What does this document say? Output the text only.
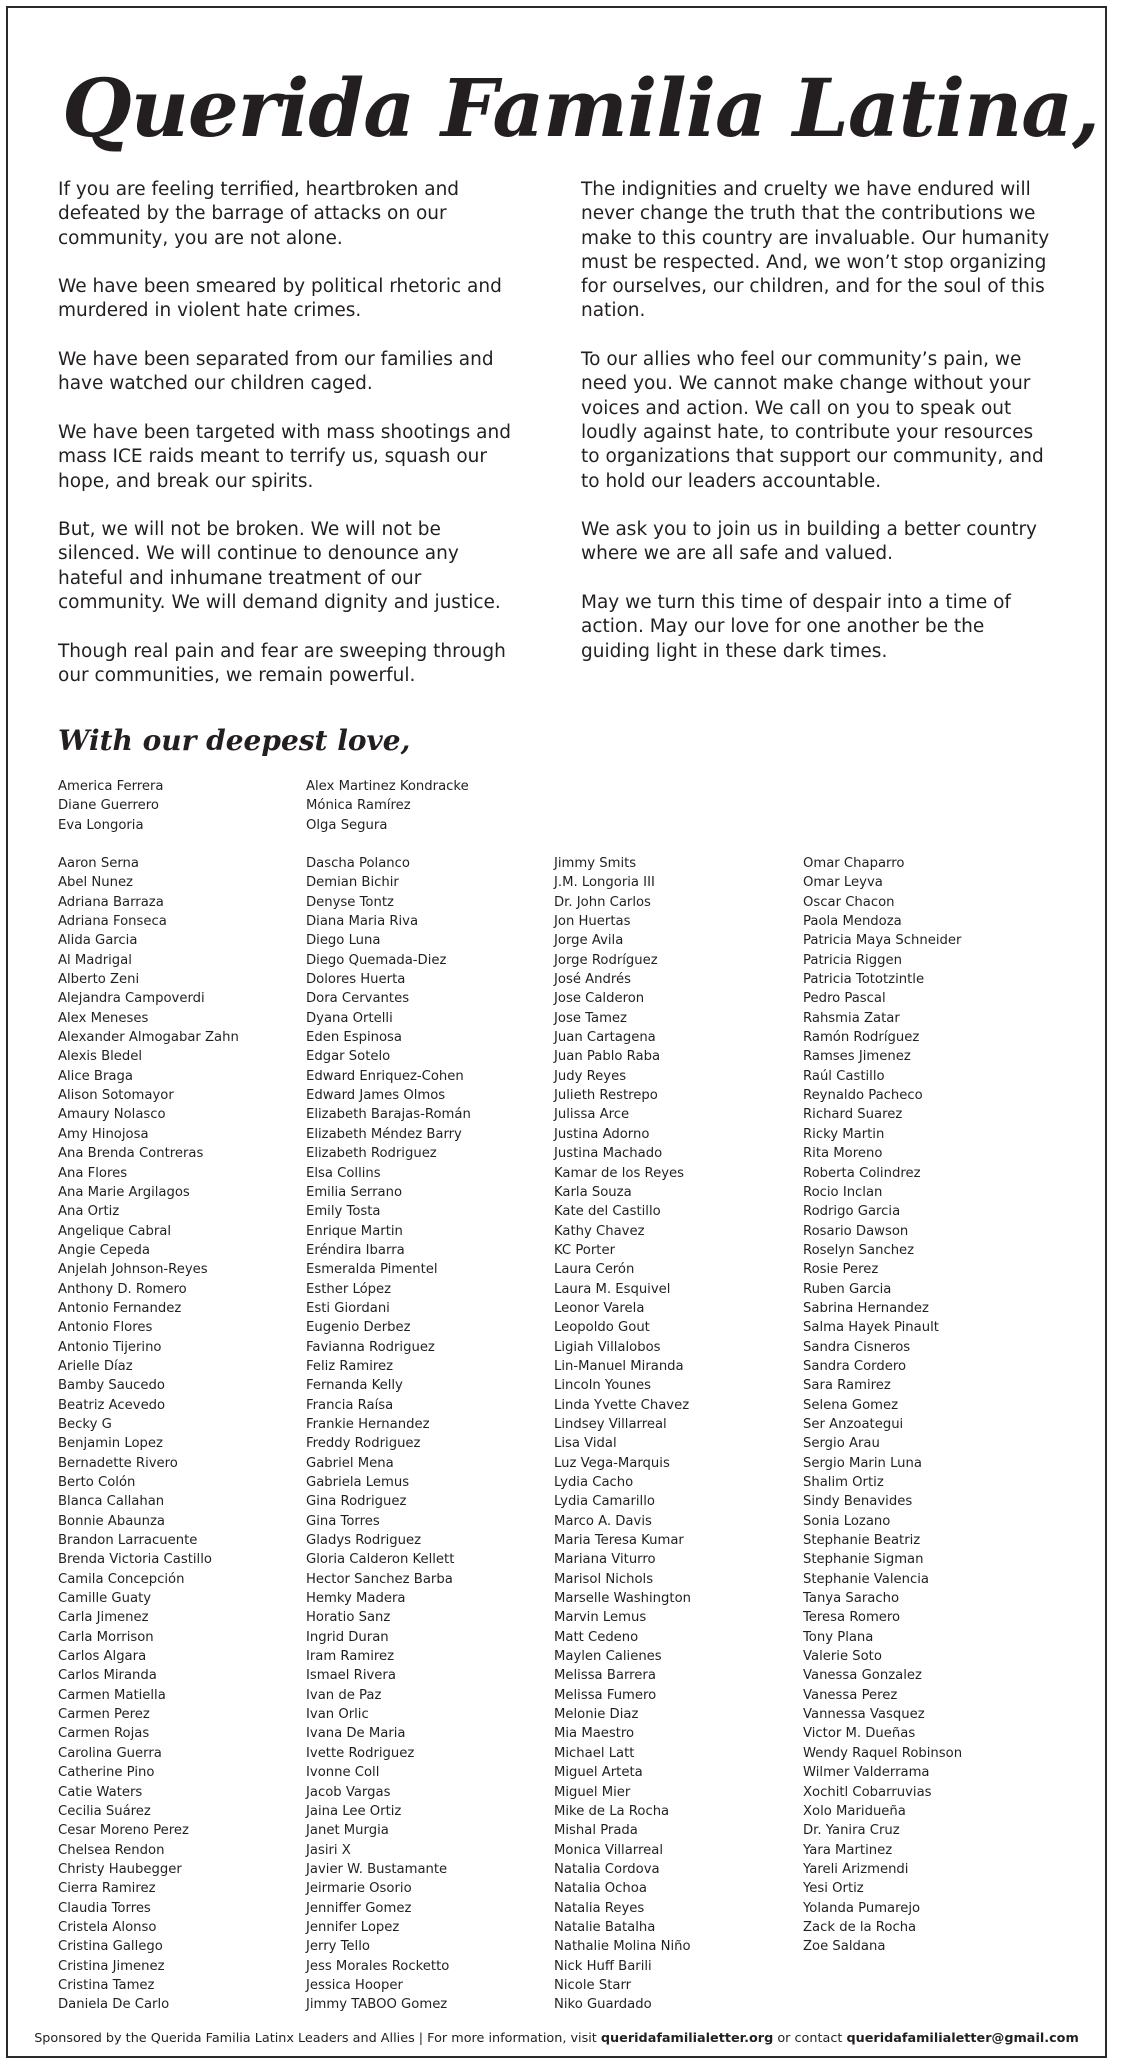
Querida Familia Latina,

If you are feeling terrified, heartbroken and defeated by the barrage of attacks on our community, you are not alone.

We have been smeared by political rhetoric and murdered in violent hate crimes.

We have been separated from our families and have watched our children caged.

We have been targeted with mass shootings and mass ICE raids meant to terrify us, squash our hope, and break our spirits.

But, we will not be broken. We will not be silenced. We will continue to denounce any hateful and inhumane treatment of our community. We will demand dignity and justice.

Though real pain and fear are sweeping through our communities, we remain powerful.

The indignities and cruelty we have endured will never change the truth that the contributions we make to this country are invaluable. Our humanity must be respected. And, we won’t stop organizing for ourselves, our children, and for the soul of this nation.

To our allies who feel our community’s pain, we need you. We cannot make change without your voices and action. We call on you to speak out loudly against hate, to contribute your resources to organizations that support our community, and to hold our leaders accountable.

We ask you to join us in building a better country where we are all safe and valued.

May we turn this time of despair into a time of action. May our love for one another be the guiding light in these dark times.

With our deepest love,
America Ferrera
Diane Guerrero
Eva Longoria
Alex Martinez Kondracke
Mónica Ramírez
Olga Segura
Aaron Serna
Abel Nunez
Adriana Barraza
Adriana Fonseca
Alida Garcia
Al Madrigal
Alberto Zeni
Alejandra Campoverdi
Alex Meneses
Alexander Almogabar Zahn
Alexis Bledel
Alice Braga
Alison Sotomayor
Amaury Nolasco
Amy Hinojosa
Ana Brenda Contreras
Ana Flores
Ana Marie Argilagos
Ana Ortiz
Angelique Cabral
Angie Cepeda
Anjelah Johnson-Reyes
Anthony D. Romero
Antonio Fernandez
Antonio Flores
Antonio Tijerino
Arielle Díaz
Bamby Saucedo
Beatriz Acevedo
Becky G
Benjamin Lopez
Bernadette Rivero
Berto Colón
Blanca Callahan
Bonnie Abaunza
Brandon Larracuente
Brenda Victoria Castillo
Camila Concepción
Camille Guaty
Carla Jimenez
Carla Morrison
Carlos Algara
Carlos Miranda
Carmen Matiella
Carmen Perez
Carmen Rojas
Carolina Guerra
Catherine Pino
Catie Waters
Cecilia Suárez
Cesar Moreno Perez
Chelsea Rendon
Christy Haubegger
Cierra Ramirez
Claudia Torres
Cristela Alonso
Cristina Gallego
Cristina Jimenez
Cristina Tamez
Daniela De Carlo
Dascha Polanco
Demian Bichir
Denyse Tontz
Diana Maria Riva
Diego Luna
Diego Quemada-Diez
Dolores Huerta
Dora Cervantes
Dyana Ortelli
Eden Espinosa
Edgar Sotelo
Edward Enriquez-Cohen
Edward James Olmos
Elizabeth Barajas-Román
Elizabeth Méndez Barry
Elizabeth Rodriguez
Elsa Collins
Emilia Serrano
Emily Tosta
Enrique Martin
Eréndira Ibarra
Esmeralda Pimentel
Esther López
Esti Giordani
Eugenio Derbez
Favianna Rodriguez
Feliz Ramirez
Fernanda Kelly
Francia Raísa
Frankie Hernandez
Freddy Rodriguez
Gabriel Mena
Gabriela Lemus
Gina Rodriguez
Gina Torres
Gladys Rodriguez
Gloria Calderon Kellett
Hector Sanchez Barba
Hemky Madera
Horatio Sanz
Ingrid Duran
Iram Ramirez
Ismael Rivera
Ivan de Paz
Ivan Orlic
Ivana De Maria
Ivette Rodriguez
Ivonne Coll
Jacob Vargas
Jaina Lee Ortiz
Janet Murgia
Jasiri X
Javier W. Bustamante
Jeirmarie Osorio
Jenniffer Gomez
Jennifer Lopez
Jerry Tello
Jess Morales Rocketto
Jessica Hooper
Jimmy TABOO Gomez
Jimmy Smits
J.M. Longoria III
Dr. John Carlos
Jon Huertas
Jorge Avila
Jorge Rodríguez
José Andrés
Jose Calderon
Jose Tamez
Juan Cartagena
Juan Pablo Raba
Judy Reyes
Julieth Restrepo
Julissa Arce
Justina Adorno
Justina Machado
Kamar de los Reyes
Karla Souza
Kate del Castillo
Kathy Chavez
KC Porter
Laura Cerón
Laura M. Esquivel
Leonor Varela
Leopoldo Gout
Ligiah Villalobos
Lin-Manuel Miranda
Lincoln Younes
Linda Yvette Chavez
Lindsey Villarreal
Lisa Vidal
Luz Vega-Marquis
Lydia Cacho
Lydia Camarillo
Marco A. Davis
Maria Teresa Kumar
Mariana Viturro
Marisol Nichols
Marselle Washington
Marvin Lemus
Matt Cedeno
Maylen Calienes
Melissa Barrera
Melissa Fumero
Melonie Diaz
Mia Maestro
Michael Latt
Miguel Arteta
Miguel Mier
Mike de La Rocha
Mishal Prada
Monica Villarreal
Natalia Cordova
Natalia Ochoa
Natalia Reyes
Natalie Batalha
Nathalie Molina Niño
Nick Huff Barili
Nicole Starr
Niko Guardado
Omar Chaparro
Omar Leyva
Oscar Chacon
Paola Mendoza
Patricia Maya Schneider
Patricia Riggen
Patricia Tototzintle
Pedro Pascal
Rahsmia Zatar
Ramón Rodríguez
Ramses Jimenez
Raúl Castillo
Reynaldo Pacheco
Richard Suarez
Ricky Martin
Rita Moreno
Roberta Colindrez
Rocio Inclan
Rodrigo Garcia
Rosario Dawson
Roselyn Sanchez
Rosie Perez
Ruben Garcia
Sabrina Hernandez
Salma Hayek Pinault
Sandra Cisneros
Sandra Cordero
Sara Ramirez
Selena Gomez
Ser Anzoategui
Sergio Arau
Sergio Marin Luna
Shalim Ortiz
Sindy Benavides
Sonia Lozano
Stephanie Beatriz
Stephanie Sigman
Stephanie Valencia
Tanya Saracho
Teresa Romero
Tony Plana
Valerie Soto
Vanessa Gonzalez
Vanessa Perez
Vannessa Vasquez
Victor M. Dueñas
Wendy Raquel Robinson
Wilmer Valderrama
Xochitl Cobarruvias
Xolo Maridueña
Dr. Yanira Cruz
Yara Martinez
Yareli Arizmendi
Yesi Ortiz
Yolanda Pumarejo
Zack de la Rocha
Zoe Saldana
Sponsored by the Querida Familia Latinx Leaders and Allies | For more information, visit queridafamilialetter.org or contact queridafamilialetter@gmail.com
